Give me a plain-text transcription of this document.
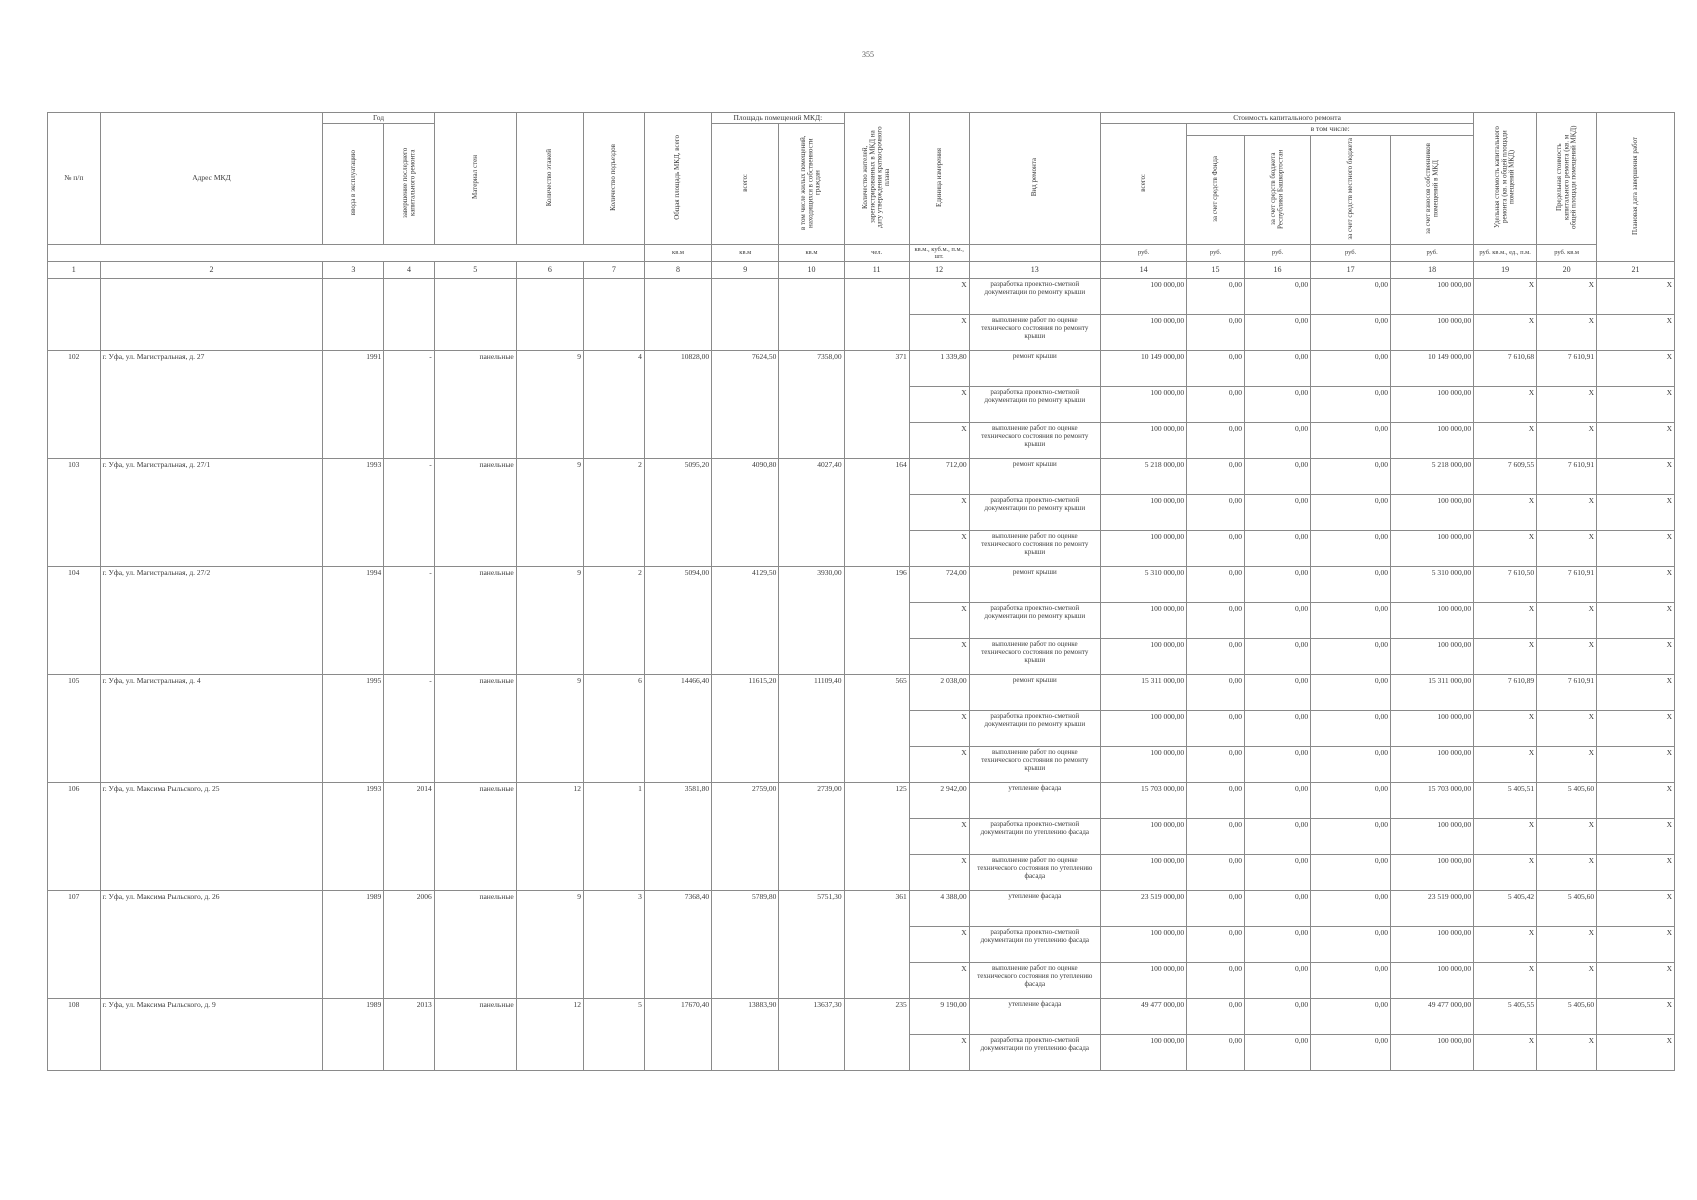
355
№ п/п	Адрес МКД	Год		Материал стен	Количество этажей	Количество подъездов	Общая площадь МКД, всего	Площадь помещений МКД:		Количество жителей, зарегистрированных в МКД на дату утверждения краткосрочного плана	Единица измерения	Вид ремонта	Стоимость капитального ремонта					Удельная стоимость капитального ремонта (кв. м общей площади помещений МКД)	Предельная стоимость капитального ремонта (кв. м общей площади помещений МКД)	Плановая дата завершения работ
		ввода в эксплуатацию	завершение последнего капитального ремонта					всего:	в том числе жилых помещений, находящихся в собственности граждан				всего:	в том числе:						
														за счет средств Фонда	за счет средств бюджета Республики Башкортостан	за счет средств местного бюджета	за счет взносов собственников помещений в МКД			
							кв.м	кв.м	кв.м	чел.	кв.м., куб.м., п.м., шт.		руб.	руб.	руб.	руб.	руб.	руб. кв.м., ед., п.м.	руб. кв.м	
1	2	3	4	5	6	7	8	9	10	11	12	13	14	15	16	17	18	19	20	21
											X	разработка проектно-сметной документации по ремонту крыши	100 000,00	0,00	0,00	0,00	100 000,00	X	X	X
											X	выполнение работ по оценке технического состояния по ремонту крыши	100 000,00	0,00	0,00	0,00	100 000,00	X	X	X
102	г. Уфа, ул. Магистральная, д. 27	1991	-	панельные	9	4	10828,00	7624,50	7358,00	371	1 339,80	ремонт крыши	10 149 000,00	0,00	0,00	0,00	10 149 000,00	7 610,68	7 610,91	X
											X	разработка проектно-сметной документации по ремонту крыши	100 000,00	0,00	0,00	0,00	100 000,00	X	X	X
											X	выполнение работ по оценке технического состояния по ремонту крыши	100 000,00	0,00	0,00	0,00	100 000,00	X	X	X
103	г. Уфа, ул. Магистральная, д. 27/1	1993	-	панельные	9	2	5095,20	4090,80	4027,40	164	712,00	ремонт крыши	5 218 000,00	0,00	0,00	0,00	5 218 000,00	7 609,55	7 610,91	X
											X	разработка проектно-сметной документации по ремонту крыши	100 000,00	0,00	0,00	0,00	100 000,00	X	X	X
											X	выполнение работ по оценке технического состояния по ремонту крыши	100 000,00	0,00	0,00	0,00	100 000,00	X	X	X
104	г. Уфа, ул. Магистральная, д. 27/2	1994	-	панельные	9	2	5094,00	4129,50	3930,00	196	724,00	ремонт крыши	5 310 000,00	0,00	0,00	0,00	5 310 000,00	7 610,50	7 610,91	X
											X	разработка проектно-сметной документации по ремонту крыши	100 000,00	0,00	0,00	0,00	100 000,00	X	X	X
											X	выполнение работ по оценке технического состояния по ремонту крыши	100 000,00	0,00	0,00	0,00	100 000,00	X	X	X
105	г. Уфа, ул. Магистральная, д. 4	1995	-	панельные	9	6	14466,40	11615,20	11109,40	565	2 038,00	ремонт крыши	15 311 000,00	0,00	0,00	0,00	15 311 000,00	7 610,89	7 610,91	X
											X	разработка проектно-сметной документации по ремонту крыши	100 000,00	0,00	0,00	0,00	100 000,00	X	X	X
											X	выполнение работ по оценке технического состояния по ремонту крыши	100 000,00	0,00	0,00	0,00	100 000,00	X	X	X
106	г. Уфа, ул. Максима Рыльского, д. 25	1993	2014	панельные	12	1	3581,80	2759,00	2739,00	125	2 942,00	утепление фасада	15 703 000,00	0,00	0,00	0,00	15 703 000,00	5 405,51	5 405,60	X
											X	разработка проектно-сметной документации по утеплению фасада	100 000,00	0,00	0,00	0,00	100 000,00	X	X	X
											X	выполнение работ по оценке технического состояния по утеплению фасада	100 000,00	0,00	0,00	0,00	100 000,00	X	X	X
107	г. Уфа, ул. Максима Рыльского, д. 26	1989	2006	панельные	9	3	7368,40	5789,80	5751,30	361	4 388,00	утепление фасада	23 519 000,00	0,00	0,00	0,00	23 519 000,00	5 405,42	5 405,60	X
											X	разработка проектно-сметной документации по утеплению фасада	100 000,00	0,00	0,00	0,00	100 000,00	X	X	X
											X	выполнение работ по оценке технического состояния по утеплению фасада	100 000,00	0,00	0,00	0,00	100 000,00	X	X	X
108	г. Уфа, ул. Максима Рыльского, д. 9	1989	2013	панельные	12	5	17670,40	13883,90	13637,30	235	9 190,00	утепление фасада	49 477 000,00	0,00	0,00	0,00	49 477 000,00	5 405,55	5 405,60	X
											X	разработка проектно-сметной документации по утеплению фасада	100 000,00	0,00	0,00	0,00	100 000,00	X	X	X
